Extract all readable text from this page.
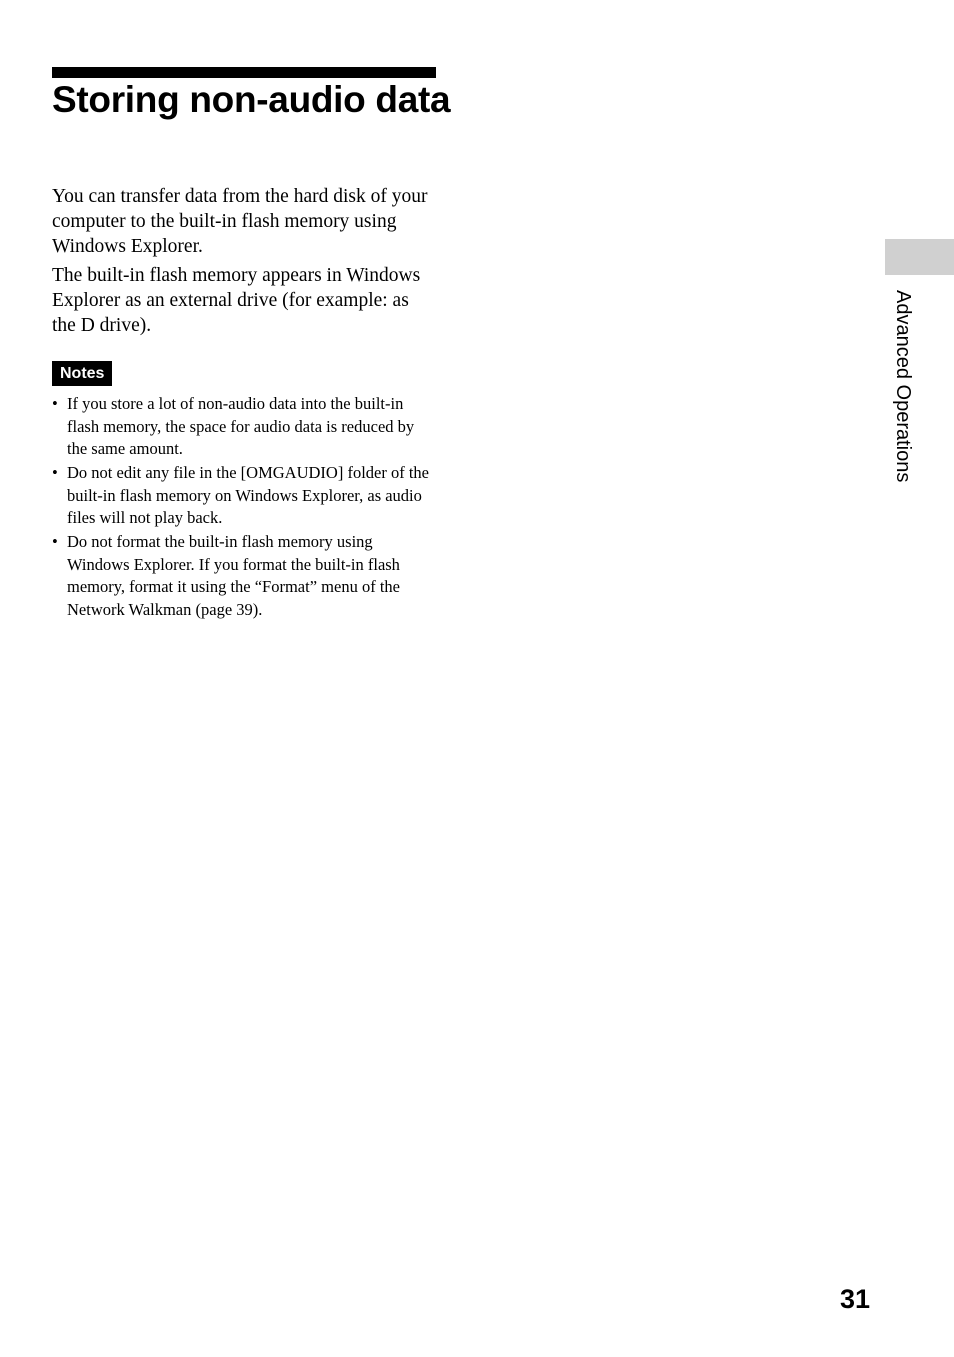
Storing non-audio data

You can transfer data from the hard disk of your computer to the built-in flash memory using Windows Explorer.

The built-in flash memory appears in Windows Explorer as an external drive (for example: as the D drive).

Notes
• If you store a lot of non-audio data into the built-in flash memory, the space for audio data is reduced by the same amount.
• Do not edit any file in the [OMGAUDIO] folder of the built-in flash memory on Windows Explorer, as audio files will not play back.
• Do not format the built-in flash memory using Windows Explorer. If you format the built-in flash memory, format it using the “Format” menu of the Network Walkman (page 39).
Advanced Operations
31
